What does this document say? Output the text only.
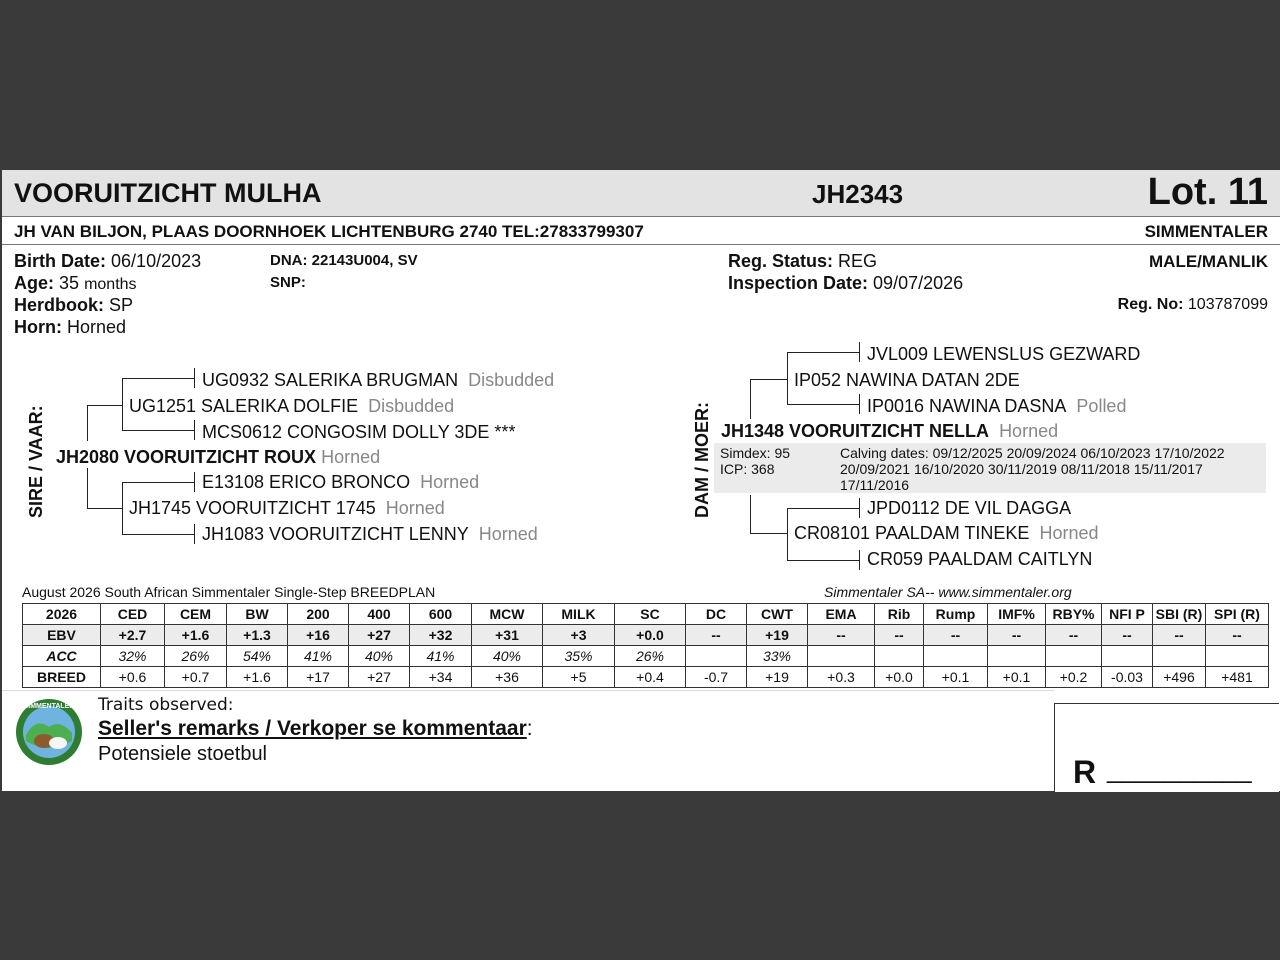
VOORUITZICHT MULHA	JH2343	Lot. 11
JH VAN BILJON, PLAAS DOORNHOEK LICHTENBURG 2740 TEL:27833799307	SIMMENTALER
Birth Date: 06/10/2023
Age: 35 months
Herdbook: SP
Horn: Horned
DNA: 22143U004, SV
SNP:
Reg. Status: REG
Inspection Date: 09/07/2026
MALE/MANLIK
Reg. No: 103787099
SIRE / VAAR:
UG0932 SALERIKA BRUGMAN Disbudded
UG1251 SALERIKA DOLFIE Disbudded
MCS0612 CONGOSIM DOLLY 3DE ***
JH2080 VOORUITZICHT ROUX Horned
E13108 ERICO BRONCO Horned
JH1745 VOORUITZICHT 1745 Horned
JH1083 VOORUITZICHT LENNY Horned
DAM / MOER:
JVL009 LEWENSLUS GEZWARD
IP052 NAWINA DATAN 2DE
IP0016 NAWINA DASNA Polled
JH1348 VOORUITZICHT NELLA Horned
Simdex: 95
ICP: 368
Calving dates: 09/12/2025 20/09/2024 06/10/2023 17/10/2022
20/09/2021 16/10/2020 30/11/2019 08/11/2018 15/11/2017
17/11/2016
JPD0112 DE VIL DAGGA
CR08101 PAALDAM TINEKE Horned
CR059 PAALDAM CAITLYN
August 2026 South African Simmentaler Single-Step BREEDPLAN	Simmentaler SA-- www.simmentaler.org
2026	CED	CEM	BW	200	400	600	MCW	MILK	SC	DC	CWT	EMA	Rib	Rump	IMF%	RBY%	NFI P	SBI (R)	SPI (R)
EBV	+2.7	+1.6	+1.3	+16	+27	+32	+31	+3	+0.0	--	+19	--	--	--	--	--	--	--	--
ACC	32%	26%	54%	41%	40%	41%	40%	35%	26%		33%								
BREED	+0.6	+0.7	+1.6	+17	+27	+34	+36	+5	+0.4	-0.7	+19	+0.3	+0.0	+0.1	+0.1	+0.2	-0.03	+496	+481
SIMMENTALER Traits observed:
Seller's remarks / Verkoper se kommentaar:
Potensiele stoetbul	R __________
